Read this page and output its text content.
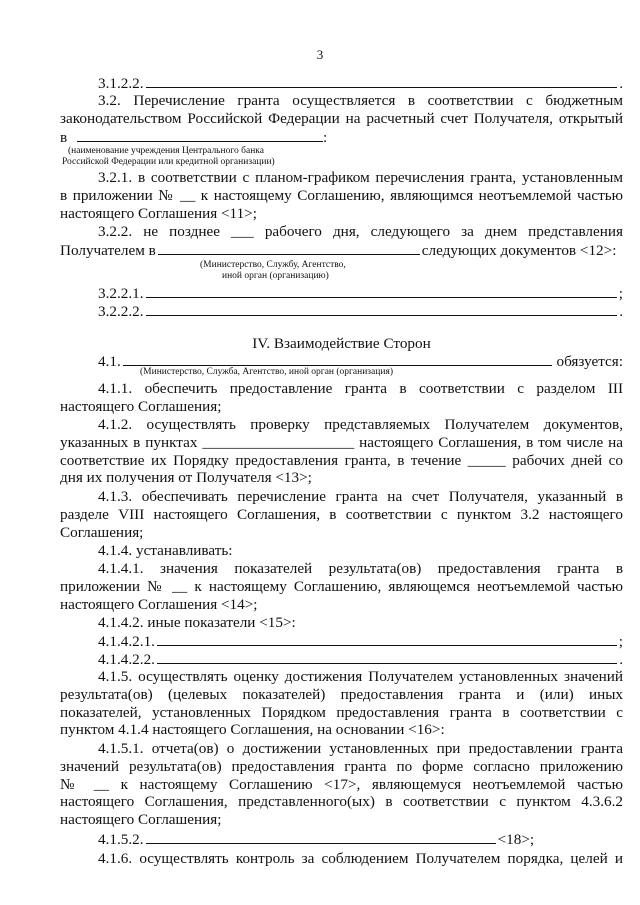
3
3.1.2.2.	.
3.2. Перечисление гранта осуществляется в соответствии с бюджетным
законодательством Российской Федерации на расчетный счет Получателя, открытый
в	:
(наименование учреждения Центрального банка
Российской Федерации или кредитной организации)
3.2.1. в соответствии с планом-графиком перечисления гранта, установленным
в приложении № __ к настоящему Соглашению, являющимся неотъемлемой частью
настоящего Соглашения <11>;
3.2.2. не позднее ___ рабочего дня, следующего за днем представления
Получателем в	следующих документов <12>:
(Министерство, Службу, Агентство,
иной орган (организацию)
3.2.2.1.	;
3.2.2.2.	.
IV. Взаимодействие Сторон
4.1.	обязуется:
(Министерство, Служба, Агентство, иной орган (организация)
4.1.1. обеспечить предоставление гранта в соответствии с разделом III
настоящего Соглашения;
4.1.2. осуществлять проверку представляемых Получателем документов,
указанных в пунктах ____________________ настоящего Соглашения, в том числе на
соответствие их Порядку предоставления гранта, в течение _____ рабочих дней со
дня их получения от Получателя <13>;
4.1.3. обеспечивать перечисление гранта на счет Получателя, указанный в
разделе VIII настоящего Соглашения, в соответствии с пунктом 3.2 настоящего
Соглашения;
4.1.4. устанавливать:
4.1.4.1. значения показателей результата(ов) предоставления гранта в
приложении № __ к настоящему Соглашению, являющемся неотъемлемой частью
настоящего Соглашения <14>;
4.1.4.2. иные показатели <15>:
4.1.4.2.1.	;
4.1.4.2.2.	.
4.1.5. осуществлять оценку достижения Получателем установленных значений
результата(ов) (целевых показателей) предоставления гранта и (или) иных
показателей, установленных Порядком предоставления гранта в соответствии с
пунктом 4.1.4 настоящего Соглашения, на основании <16>:
4.1.5.1. отчета(ов) о достижении установленных при предоставлении гранта
значений результата(ов) предоставления гранта по форме согласно приложению
№ __ к настоящему Соглашению <17>, являющемуся неотъемлемой частью
настоящего Соглашения, представленного(ых) в соответствии с пунктом 4.3.6.2
настоящего Соглашения;
4.1.5.2.	<18>;
4.1.6. осуществлять контроль за соблюдением Получателем порядка, целей и
